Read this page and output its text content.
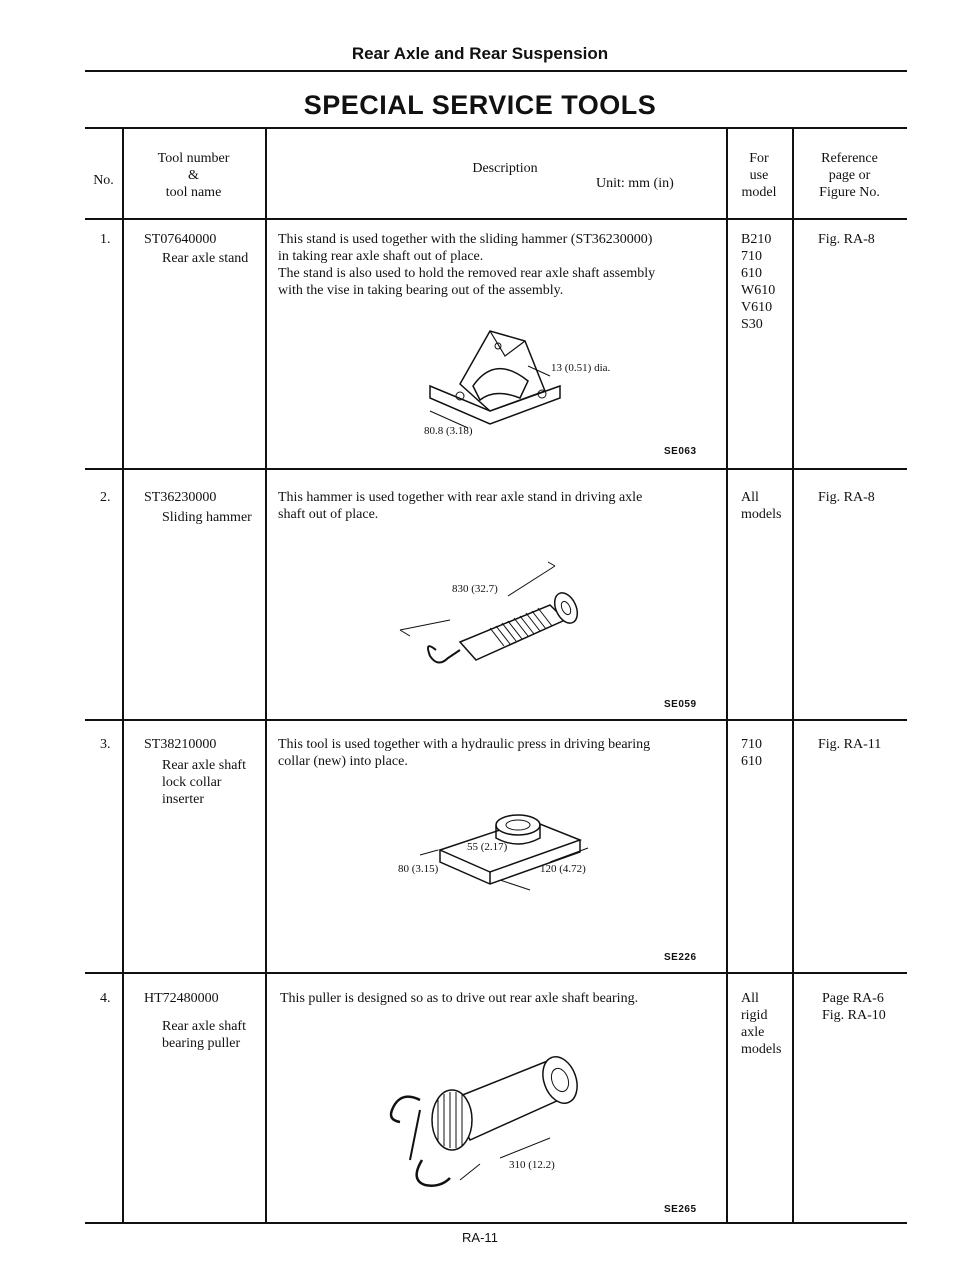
Rear Axle and Rear Suspension
SPECIAL SERVICE TOOLS
No.
Tool number
&
tool name
Description
Unit: mm (in)
For
use
model
Reference
page or
Figure No.
1. ST07640000
Rear axle stand
This stand is used together with the sliding hammer (ST36230000)
in taking rear axle shaft out of place.
The stand is also used to hold the removed rear axle shaft assembly
with the vise in taking bearing out of the assembly.
13 (0.51) dia.
80.8 (3.18)
SE063
B210
710
610
W610
V610
S30
Fig. RA-8
2. ST36230000
Sliding hammer
This hammer is used together with rear axle stand in driving axle
shaft out of place.
830 (32.7)
SE059
All
models
Fig. RA-8
3. ST38210000
Rear axle shaft
lock collar
inserter
This tool is used together with a hydraulic press in driving bearing
collar (new) into place.
55 (2.17)
80 (3.15)	120 (4.72)
SE226
710
610
Fig. RA-11
4. HT72480000
Rear axle shaft
bearing puller
This puller is designed so as to drive out rear axle shaft bearing.
310 (12.2)
SE265
All
rigid
axle
models
Page RA-6
Fig. RA-10
RA-11
